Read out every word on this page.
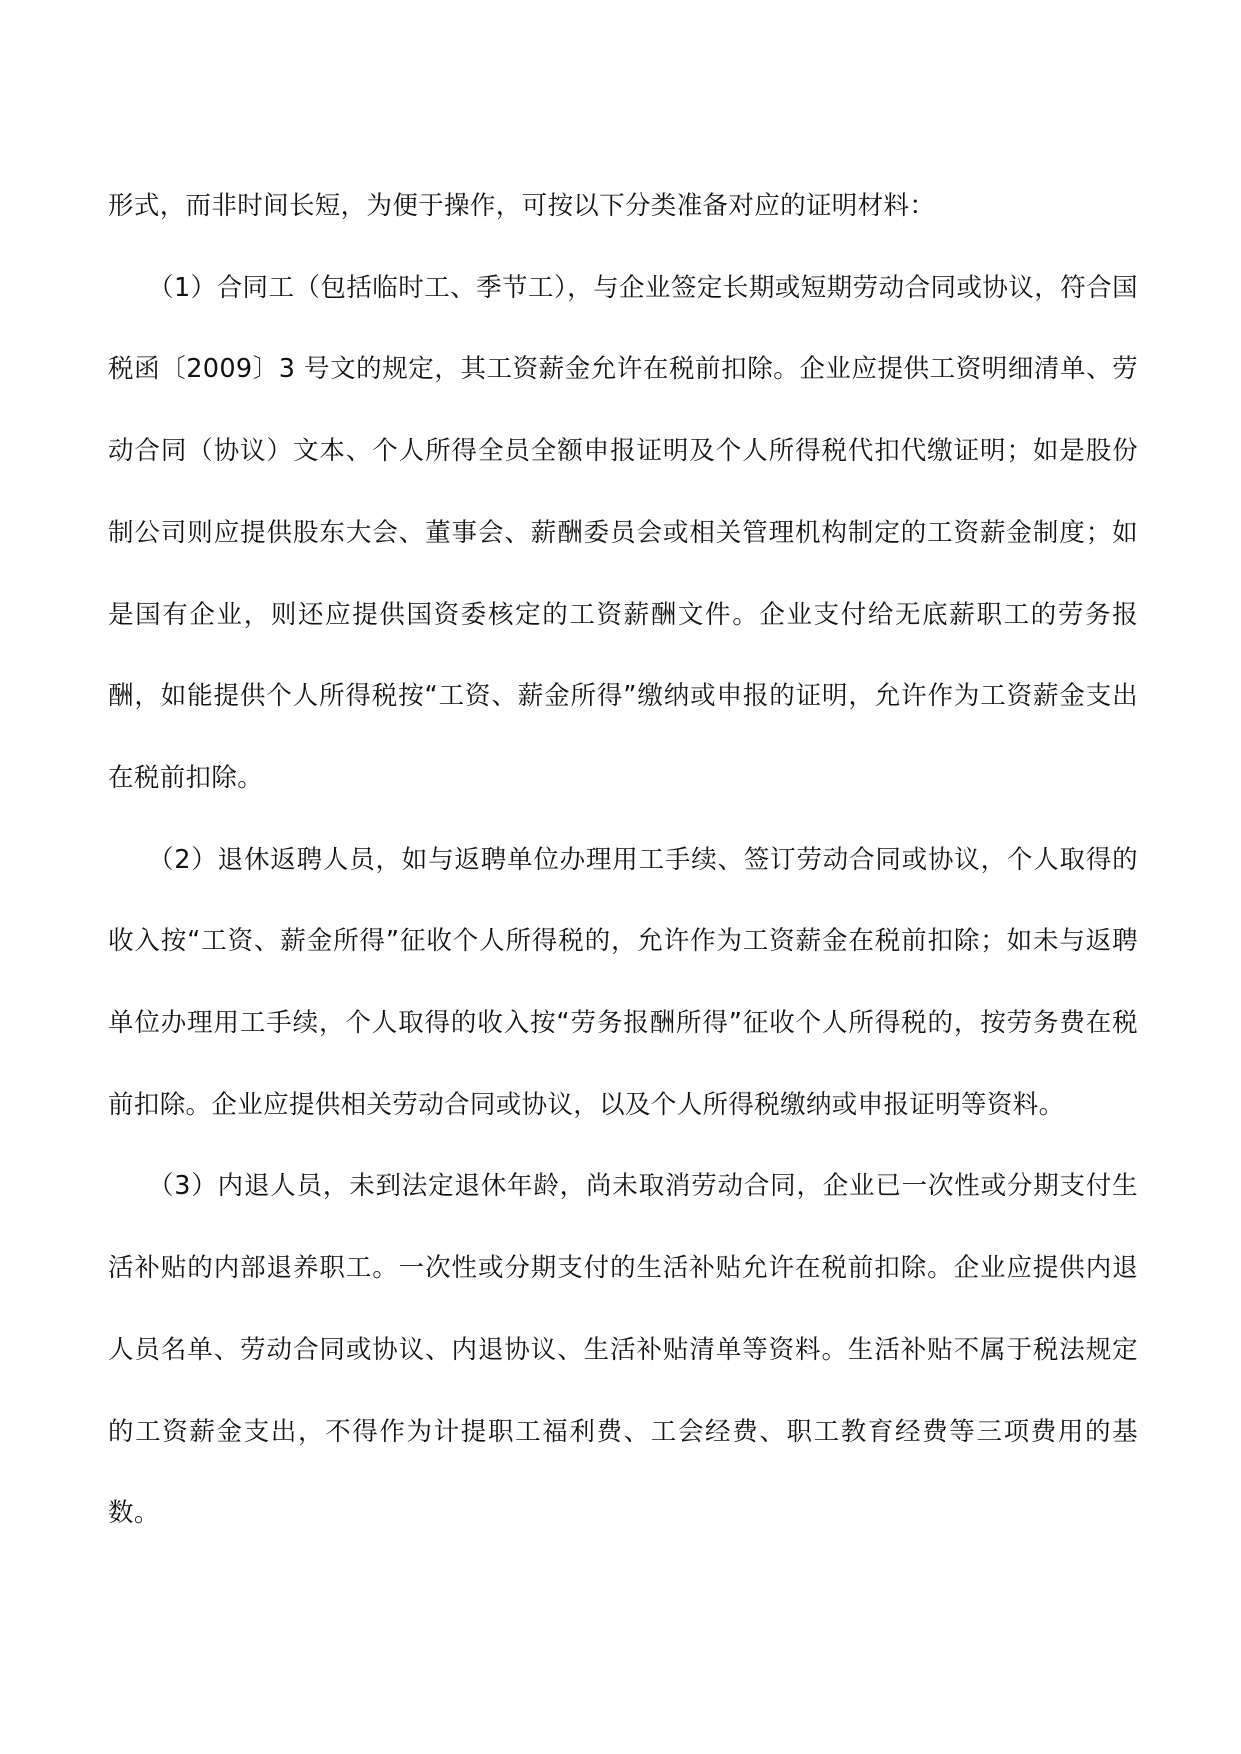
形式，而非时间长短，为便于操作，可按以下分类准备对应的证明材料：

（1）合同工（包括临时工、季节工），与企业签定长期或短期劳动合同或协议，符合国税函〔2009〕3 号文的规定，其工资薪金允许在税前扣除。企业应提供工资明细清单、劳动合同（协议）文本、个人所得全员全额申报证明及个人所得税代扣代缴证明；如是股份制公司则应提供股东大会、董事会、薪酬委员会或相关管理机构制定的工资薪金制度；如是国有企业，则还应提供国资委核定的工资薪酬文件。企业支付给无底薪职工的劳务报酬，如能提供个人所得税按“工资、薪金所得”缴纳或申报的证明，允许作为工资薪金支出在税前扣除。

（2）退休返聘人员，如与返聘单位办理用工手续、签订劳动合同或协议，个人取得的收入按“工资、薪金所得”征收个人所得税的，允许作为工资薪金在税前扣除；如未与返聘单位办理用工手续，个人取得的收入按“劳务报酬所得”征收个人所得税的，按劳务费在税前扣除。企业应提供相关劳动合同或协议，以及个人所得税缴纳或申报证明等资料。

（3）内退人员，未到法定退休年龄，尚未取消劳动合同，企业已一次性或分期支付生活补贴的内部退养职工。一次性或分期支付的生活补贴允许在税前扣除。企业应提供内退人员名单、劳动合同或协议、内退协议、生活补贴清单等资料。生活补贴不属于税法规定的工资薪金支出，不得作为计提职工福利费、工会经费、职工教育经费等三项费用的基数。
